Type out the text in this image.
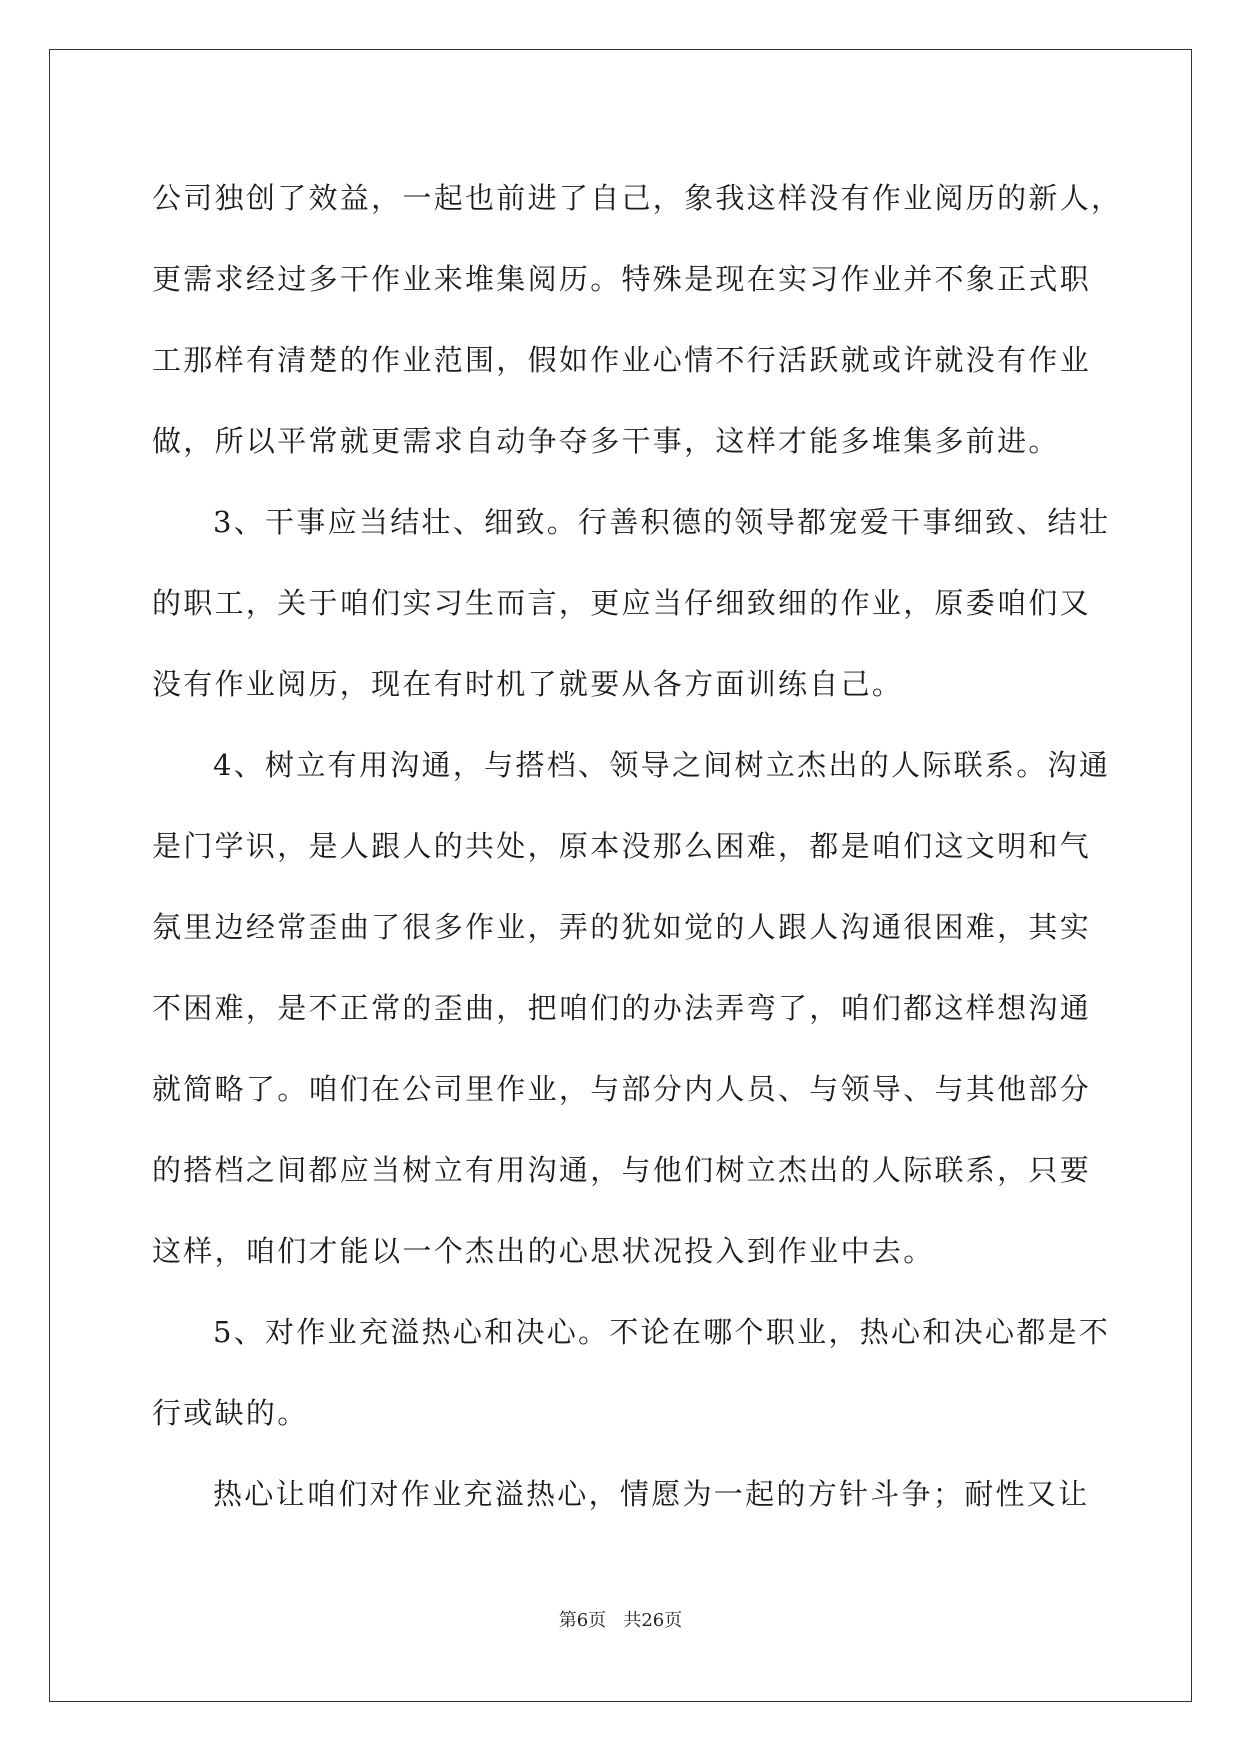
公司独创了效益，一起也前进了自己，象我这样没有作业阅历的新人，
更需求经过多干作业来堆集阅历。特殊是现在实习作业并不象正式职
工那样有清楚的作业范围，假如作业心情不行活跃就或许就没有作业
做，所以平常就更需求自动争夺多干事，这样才能多堆集多前进。
3、干事应当结壮、细致。行善积德的领导都宠爱干事细致、结壮
的职工，关于咱们实习生而言，更应当仔细致细的作业，原委咱们又
没有作业阅历，现在有时机了就要从各方面训练自己。
4、树立有用沟通，与搭档、领导之间树立杰出的人际联系。沟通
是门学识，是人跟人的共处，原本没那么困难，都是咱们这文明和气
氛里边经常歪曲了很多作业，弄的犹如觉的人跟人沟通很困难，其实
不困难，是不正常的歪曲，把咱们的办法弄弯了，咱们都这样想沟通
就简略了。咱们在公司里作业，与部分内人员、与领导、与其他部分
的搭档之间都应当树立有用沟通，与他们树立杰出的人际联系，只要
这样，咱们才能以一个杰出的心思状况投入到作业中去。
5、对作业充溢热心和决心。不论在哪个职业，热心和决心都是不
行或缺的。
热心让咱们对作业充溢热心，情愿为一起的方针斗争；耐性又让
第6页 共26页
